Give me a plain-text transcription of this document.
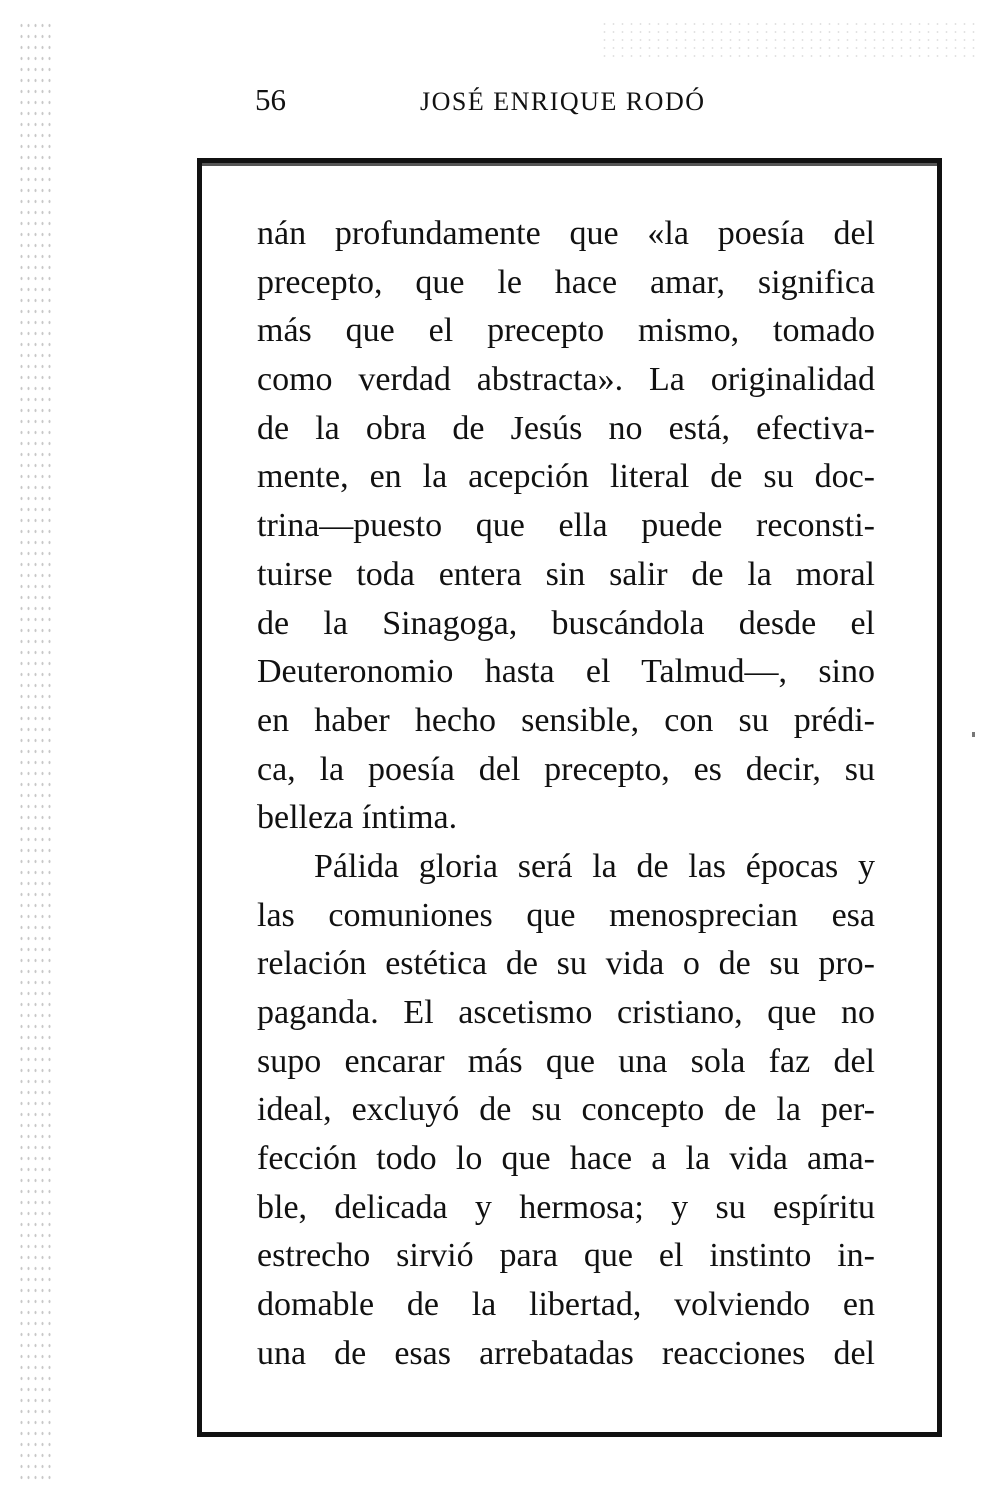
56	JOSÉ ENRIQUE RODÓ
nán profundamente que «la poesía del
precepto, que le hace amar, significa
más que el precepto mismo, tomado
como verdad abstracta». La originalidad
de la obra de Jesús no está, efectiva-
mente, en la acepción literal de su doc-
trina—puesto que ella puede reconsti-
tuirse toda entera sin salir de la moral
de la Sinagoga, buscándola desde el
Deuteronomio hasta el Talmud—, sino
en haber hecho sensible, con su prédi-
ca, la poesía del precepto, es decir, su
belleza íntima.
Pálida gloria será la de las épocas y
las comuniones que menosprecian esa
relación estética de su vida o de su pro-
paganda. El ascetismo cristiano, que no
supo encarar más que una sola faz del
ideal, excluyó de su concepto de la per-
fección todo lo que hace a la vida ama-
ble, delicada y hermosa; y su espíritu
estrecho sirvió para que el instinto in-
domable de la libertad, volviendo en
una de esas arrebatadas reacciones del
